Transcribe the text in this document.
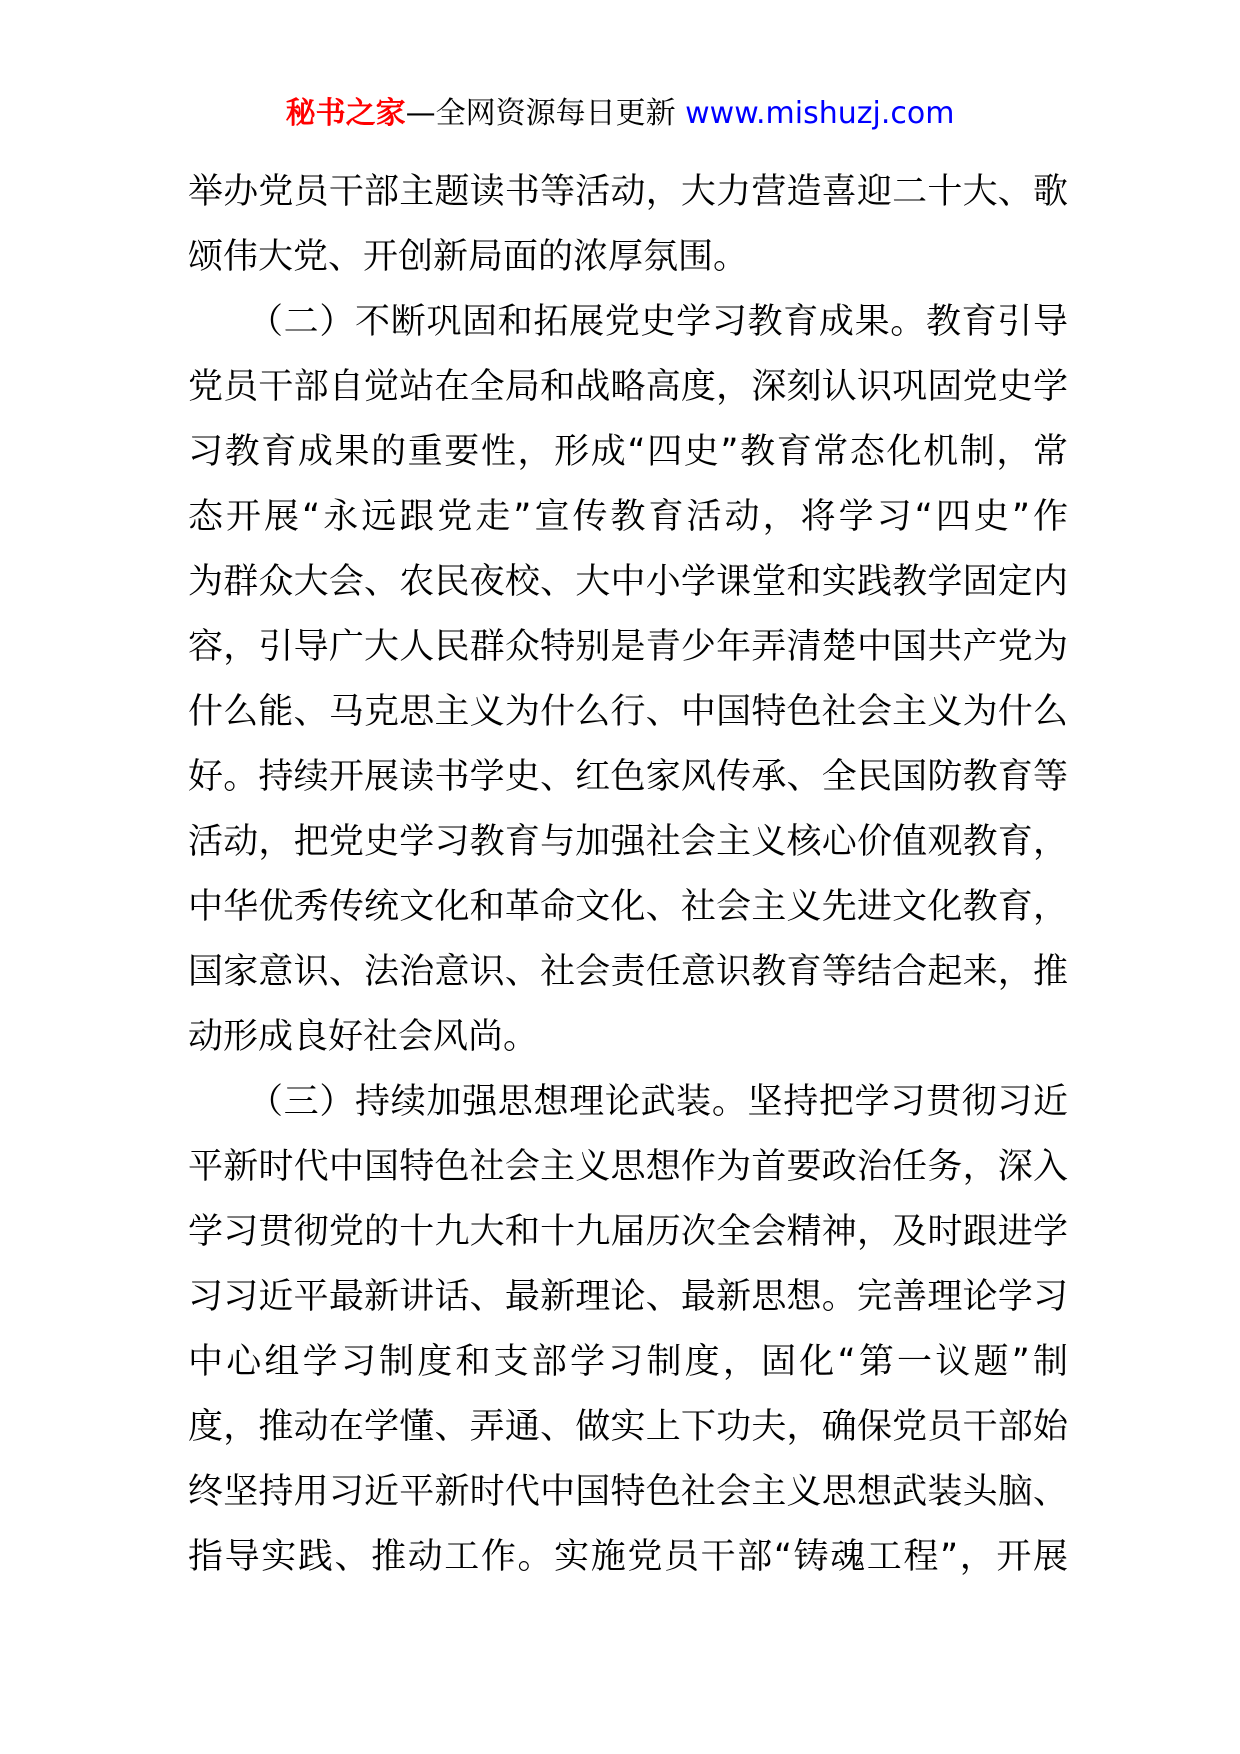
秘书之家—全网资源每日更新 www.mishuzj.com
举办党员干部主题读书等活动，大力营造喜迎二十大、歌
颂伟大党、开创新局面的浓厚氛围。
（二）不断巩固和拓展党史学习教育成果。教育引导
党员干部自觉站在全局和战略高度，深刻认识巩固党史学
习教育成果的重要性，形成“四史”教育常态化机制，常
态开展“永远跟党走”宣传教育活动，将学习“四史”作
为群众大会、农民夜校、大中小学课堂和实践教学固定内
容，引导广大人民群众特别是青少年弄清楚中国共产党为
什么能、马克思主义为什么行、中国特色社会主义为什么
好。持续开展读书学史、红色家风传承、全民国防教育等
活动，把党史学习教育与加强社会主义核心价值观教育，
中华优秀传统文化和革命文化、社会主义先进文化教育，
国家意识、法治意识、社会责任意识教育等结合起来，推
动形成良好社会风尚。
（三）持续加强思想理论武装。坚持把学习贯彻习近
平新时代中国特色社会主义思想作为首要政治任务，深入
学习贯彻党的十九大和十九届历次全会精神，及时跟进学
习习近平最新讲话、最新理论、最新思想。完善理论学习
中心组学习制度和支部学习制度，固化“第一议题”制
度，推动在学懂、弄通、做实上下功夫，确保党员干部始
终坚持用习近平新时代中国特色社会主义思想武装头脑、
指导实践、推动工作。实施党员干部“铸魂工程”，开展
